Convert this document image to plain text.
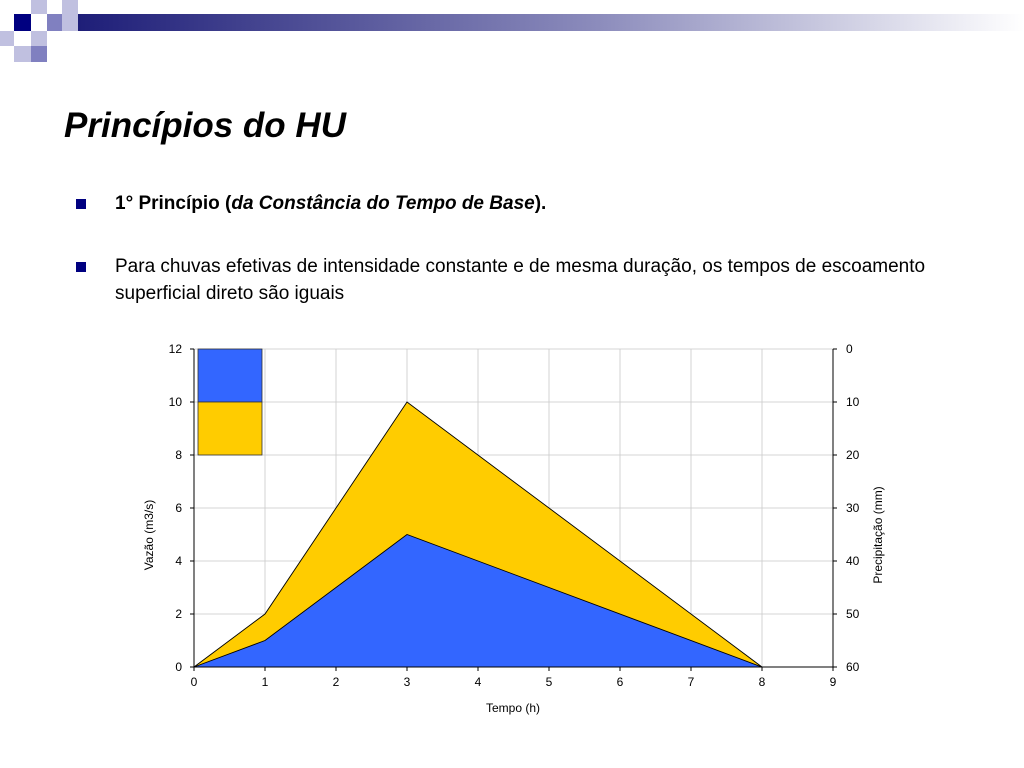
Princípios do HU
1° Princípio (da Constância do Tempo de Base).
Para chuvas efetivas de intensidade constante e de mesma duração, os tempos de escoamento superficial direto são iguais
0	1	2	3	4	5	6	7	8	9
0
2
4
6
8
10
12	0
10
20
30
40
50
60
Tempo (h)
Vazão (m3/s)	Precipitação (mm)
